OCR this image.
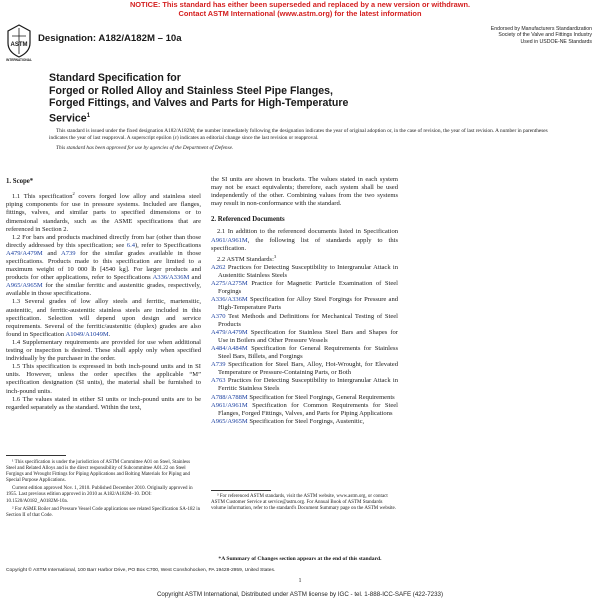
NOTICE: This standard has either been superseded and replaced by a new version or withdrawn.
Contact ASTM International (www.astm.org) for the latest information
ASTM
INTERNATIONAL
Designation: A182/A182M – 10a
Endorsed by Manufacturers Standardization
Society of the Valve and Fittings Industry
Used in USDOE-NE Standards
Standard Specification for
Forged or Rolled Alloy and Stainless Steel Pipe Flanges,
Forged Fittings, and Valves and Parts for High-Temperature
Service$^1$

This standard is issued under the fixed designation A182/A182M; the number immediately following the designation indicates the year of original adoption or, in the case of revision, the year of last revision. A number in parentheses indicates the year of last reapproval. A superscript epsilon (ε) indicates an editorial change since the last revision or reapproval.

This standard has been approved for use by agencies of the Department of Defense.

1. Scope*

1.1 This specification$^2$ covers forged low alloy and stainless steel piping components for use in pressure systems. Included are flanges, fittings, valves, and similar parts to specified dimensions or to dimensional standards, such as the ASME specifications that are referenced in Section 2.

1.2 For bars and products machined directly from bar (other than those directly addressed by this specification; see 6.4), refer to Specifications A479/A479M and A739 for the similar grades available in those specifications. Products made to this specification are limited to a maximum weight of 10 000 lb [4540 kg]. For larger products and products for other applications, refer to Specifications A336/A336M and A965/A965M for the similar ferritic and austenitic grades, respectively, available in those specifications.

1.3 Several grades of low alloy steels and ferritic, martensitic, austenitic, and ferritic-austenitic stainless steels are included in this specification. Selection will depend upon design and service requirements. Several of the ferritic/austenitic (duplex) grades are also found in Specification A1049/A1049M.

1.4 Supplementary requirements are provided for use when additional testing or inspection is desired. These shall apply only when specified individually by the purchaser in the order.

1.5 This specification is expressed in both inch-pound units and in SI units. However, unless the order specifies the applicable “M” specification designation (SI units), the material shall be furnished to inch-pound units.

1.6 The values stated in either SI units or inch-pound units are to be regarded separately as the standard. Within the text,

the SI units are shown in brackets. The values stated in each system may not be exact equivalents; therefore, each system shall be used independently of the other. Combining values from the two systems may result in non-conformance with the standard.

2. Referenced Documents

2.1 In addition to the referenced documents listed in Specification A961/A961M, the following list of standards apply to this specification.

2.2 ASTM Standards:$^3$

A262 Practices for Detecting Susceptibility to Intergranular Attack in Austenitic Stainless Steels

A275/A275M Practice for Magnetic Particle Examination of Steel Forgings

A336/A336M Specification for Alloy Steel Forgings for Pressure and High-Temperature Parts

A370 Test Methods and Definitions for Mechanical Testing of Steel Products

A479/A479M Specification for Stainless Steel Bars and Shapes for Use in Boilers and Other Pressure Vessels

A484/A484M Specification for General Requirements for Stainless Steel Bars, Billets, and Forgings

A739 Specification for Steel Bars, Alloy, Hot-Wrought, for Elevated Temperature or Pressure-Containing Parts, or Both

A763 Practices for Detecting Susceptibility to Intergranular Attack in Ferritic Stainless Steels

A788/A788M Specification for Steel Forgings, General Requirements

A961/A961M Specification for Common Requirements for Steel Flanges, Forged Fittings, Valves, and Parts for Piping Applications

A965/A965M Specification for Steel Forgings, Austenitic,

¹ This specification is under the jurisdiction of ASTM Committee A01 on Steel, Stainless Steel and Related Alloys and is the direct responsibility of Subcommittee A01.22 on Steel Forgings and Wrought Fittings for Piping Applications and Bolting Materials for Piping and Special Purpose Applications.

Current edition approved Nov. 1, 2010. Published December 2010. Originally approved in 1955. Last previous edition approved in 2010 as A182/A182M–10. DOI: 10.1520/A0182_A0182M-10a.

² For ASME Boiler and Pressure Vessel Code applications see related Specification SA-182 in Section II of that Code.

³ For referenced ASTM standards, visit the ASTM website, www.astm.org, or contact ASTM Customer Service at service@astm.org. For Annual Book of ASTM Standards volume information, refer to the standard's Document Summary page on the ASTM website.

*A Summary of Changes section appears at the end of this standard.
Copyright © ASTM International, 100 Barr Harbor Drive, PO Box C700, West Conshohocken, PA 19428-2959, United States.
1
Copyright ASTM International, Distributed under ASTM license by IGC - tel. 1-888-ICC-SAFE (422-7233)
